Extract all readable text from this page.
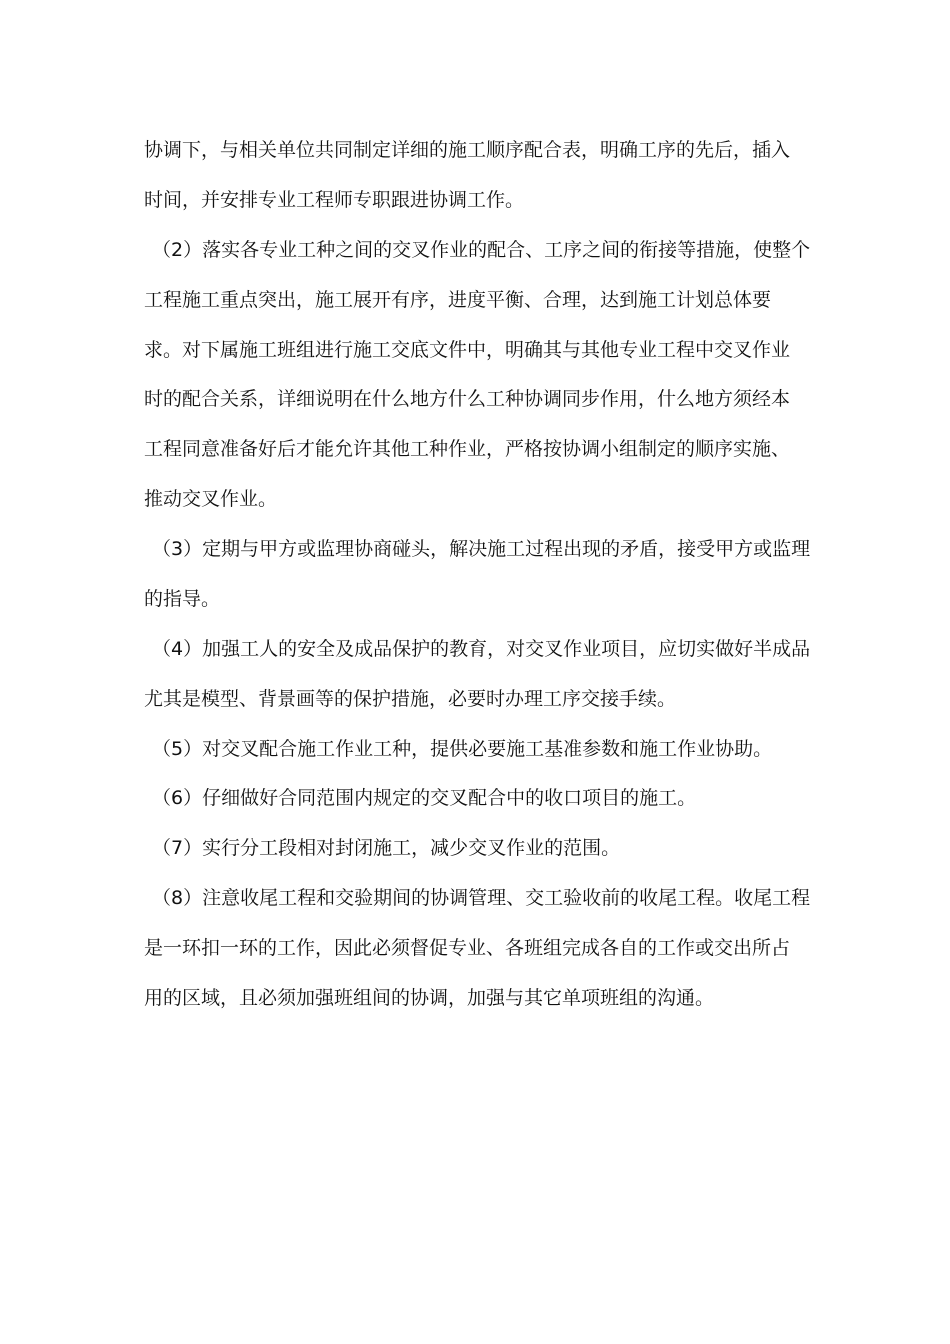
协调下，与相关单位共同制定详细的施工顺序配合表，明确工序的先后，插入
时间，并安排专业工程师专职跟进协调工作。
（2）落实各专业工种之间的交叉作业的配合、工序之间的衔接等措施，使整个
工程施工重点突出，施工展开有序，进度平衡、合理，达到施工计划总体要
求。对下属施工班组进行施工交底文件中，明确其与其他专业工程中交叉作业
时的配合关系，详细说明在什么地方什么工种协调同步作用，什么地方须经本
工程同意准备好后才能允许其他工种作业，严格按协调小组制定的顺序实施、
推动交叉作业。
（3）定期与甲方或监理协商碰头，解决施工过程出现的矛盾，接受甲方或监理
的指导。
（4）加强工人的安全及成品保护的教育，对交叉作业项目，应切实做好半成品
尤其是模型、背景画等的保护措施，必要时办理工序交接手续。
（5）对交叉配合施工作业工种，提供必要施工基准参数和施工作业协助。
（6）仔细做好合同范围内规定的交叉配合中的收口项目的施工。
（7）实行分工段相对封闭施工，减少交叉作业的范围。
（8）注意收尾工程和交验期间的协调管理、交工验收前的收尾工程。收尾工程
是一环扣一环的工作，因此必须督促专业、各班组完成各自的工作或交出所占
用的区域，且必须加强班组间的协调，加强与其它单项班组的沟通。
